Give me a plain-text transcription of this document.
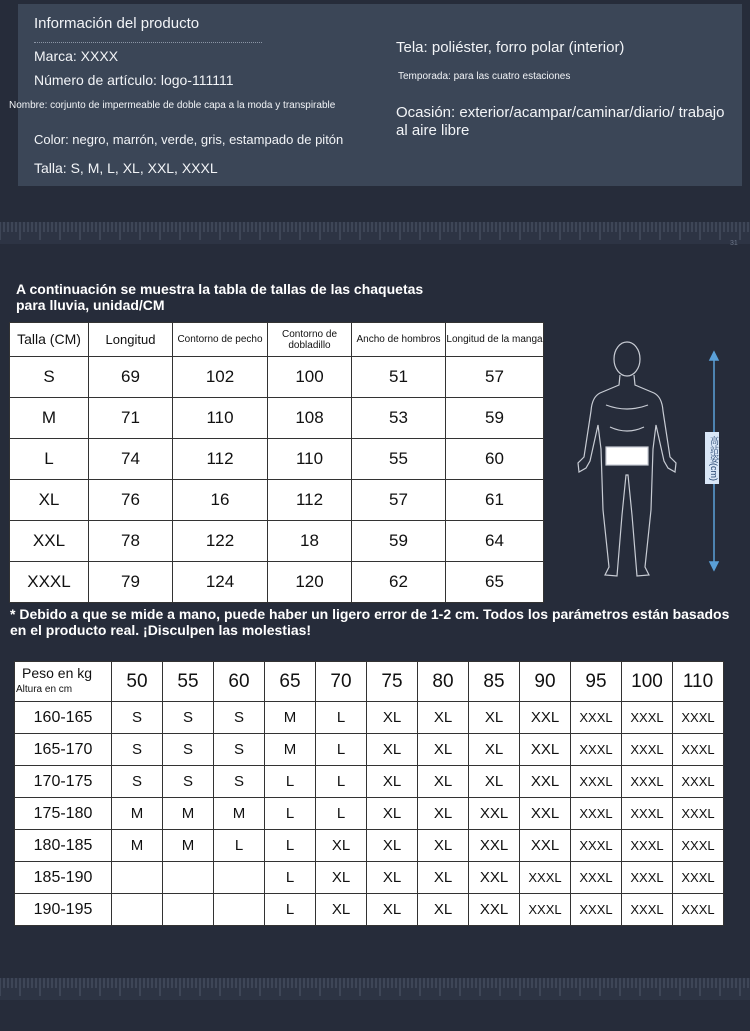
Información del producto
Marca: XXXX
Número de artículo: logo-111111
Nombre: corjunto de impermeable de doble capa a la moda y transpirable
Color: negro, marrón, verde, gris, estampado de pitón
Talla: S, M, L, XL, XXL, XXXL
Tela: poliéster, forro polar (interior)
Temporada: para las cuatro estaciones
Ocasión: exterior/acampar/caminar/diario/ trabajo al aire libre
31
A continuación se muestra la tabla de tallas de las chaquetas para lluvia, unidad/CM
Talla (CM)	Longitud	Contorno de pecho	Contorno de dobladillo	Ancho de hombros	Longitud de la manga
S	69	102	100	51	57
M	71	110	108	53	59
L	74	112	110	55	60
XL	76	16	112	57	61
XXL	78	122	18	59	64
XXXL	79	124	120	62	65
高站姿(cm)
* Debido a que se mide a mano, puede haber un ligero error de 1-2 cm. Todos los parámetros están basados en el producto real. ¡Disculpen las molestias!
Peso en kg
Altura en cm	50	55	60	65	70	75	80	85	90	95	100	110
160-165	S	S	S	M	L	XL	XL	XL	XXL	XXXL	XXXL	XXXL
165-170	S	S	S	M	L	XL	XL	XL	XXL	XXXL	XXXL	XXXL
170-175	S	S	S	L	L	XL	XL	XL	XXL	XXXL	XXXL	XXXL
175-180	M	M	M	L	L	XL	XL	XXL	XXL	XXXL	XXXL	XXXL
180-185	M	M	L	L	XL	XL	XL	XXL	XXL	XXXL	XXXL	XXXL
185-190				L	XL	XL	XL	XXL	XXXL	XXXL	XXXL	XXXL
190-195				L	XL	XL	XL	XXL	XXXL	XXXL	XXXL	XXXL
